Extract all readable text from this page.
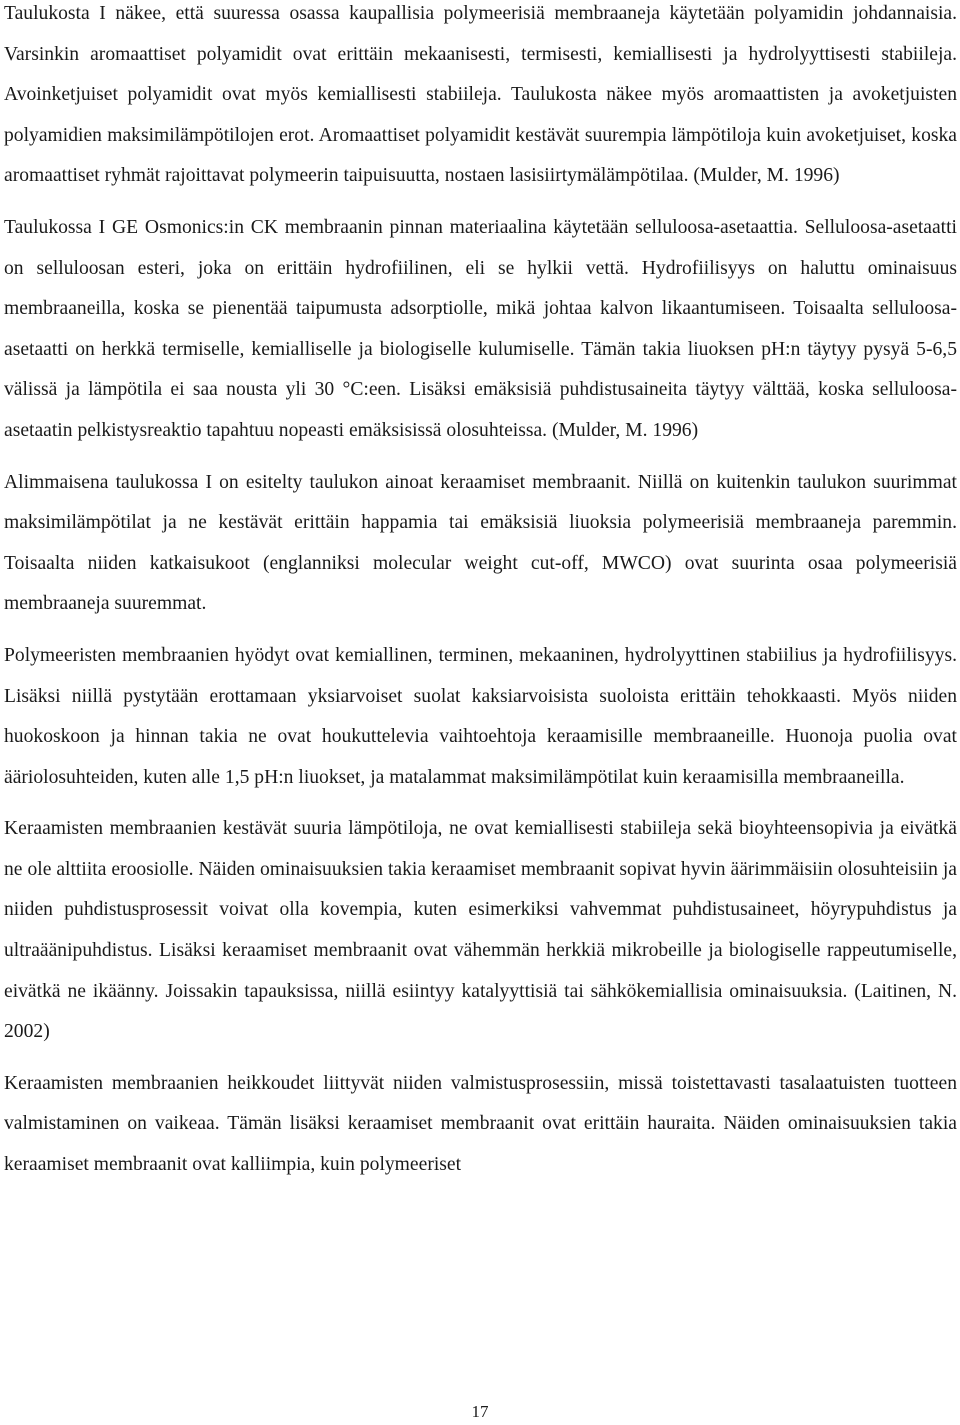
Taulukosta I näkee, että suuressa osassa kaupallisia polymeerisiä membraaneja käytetään polyamidin johdannaisia. Varsinkin aromaattiset polyamidit ovat erittäin mekaanisesti, termisesti, kemiallisesti ja hydrolyyttisesti stabiileja. Avoinketjuiset polyamidit ovat myös kemiallisesti stabiileja. Taulukosta näkee myös aromaattisten ja avoketjuisten polyamidien maksimilämpötilojen erot. Aromaattiset polyamidit kestävät suurempia lämpötiloja kuin avoketjuiset, koska aromaattiset ryhmät rajoittavat polymeerin taipuisuutta, nostaen lasisiirtymälämpötilaa. (Mulder, M. 1996)

Taulukossa I GE Osmonics:in CK membraanin pinnan materiaalina käytetään selluloosa-asetaattia. Selluloosa-asetaatti on selluloosan esteri, joka on erittäin hydrofiilinen, eli se hylkii vettä. Hydrofiilisyys on haluttu ominaisuus membraaneilla, koska se pienentää taipumusta adsorptiolle, mikä johtaa kalvon likaantumiseen. Toisaalta selluloosa-asetaatti on herkkä termiselle, kemialliselle ja biologiselle kulumiselle. Tämän takia liuoksen pH:n täytyy pysyä 5-6,5 välissä ja lämpötila ei saa nousta yli 30 °C:een. Lisäksi emäksisiä puhdistusaineita täytyy välttää, koska selluloosa-asetaatin pelkistysreaktio tapahtuu nopeasti emäksisissä olosuhteissa. (Mulder, M. 1996)

Alimmaisena taulukossa I on esitelty taulukon ainoat keraamiset membraanit. Niillä on kuitenkin taulukon suurimmat maksimilämpötilat ja ne kestävät erittäin happamia tai emäksisiä liuoksia polymeerisiä membraaneja paremmin. Toisaalta niiden katkaisukoot (englanniksi molecular weight cut-off, MWCO) ovat suurinta osaa polymeerisiä membraaneja suuremmat.

Polymeeristen membraanien hyödyt ovat kemiallinen, terminen, mekaaninen, hydrolyyttinen stabiilius ja hydrofiilisyys. Lisäksi niillä pystytään erottamaan yksiarvoiset suolat kaksiarvoisista suoloista erittäin tehokkaasti. Myös niiden huokoskoon ja hinnan takia ne ovat houkuttelevia vaihtoehtoja keraamisille membraaneille. Huonoja puolia ovat ääriolosuhteiden, kuten alle 1,5 pH:n liuokset, ja matalammat maksimilämpötilat kuin keraamisilla membraaneilla.

Keraamisten membraanien kestävät suuria lämpötiloja, ne ovat kemiallisesti stabiileja sekä bioyhteensopivia ja eivätkä ne ole alttiita eroosiolle. Näiden ominaisuuksien takia keraamiset membraanit sopivat hyvin äärimmäisiin olosuhteisiin ja niiden puhdistusprosessit voivat olla kovempia, kuten esimerkiksi vahvemmat puhdistusaineet, höyrypuhdistus ja ultraäänipuhdistus. Lisäksi keraamiset membraanit ovat vähemmän herkkiä mikrobeille ja biologiselle rappeutumiselle, eivätkä ne ikäänny. Joissakin tapauksissa, niillä esiintyy katalyyttisiä tai sähkökemiallisia ominaisuuksia. (Laitinen, N. 2002)

Keraamisten membraanien heikkoudet liittyvät niiden valmistusprosessiin, missä toistettavasti tasalaatuisten tuotteen valmistaminen on vaikeaa. Tämän lisäksi keraamiset membraanit ovat erittäin hauraita. Näiden ominaisuuksien takia keraamiset membraanit ovat kalliimpia, kuin polymeeriset

17
